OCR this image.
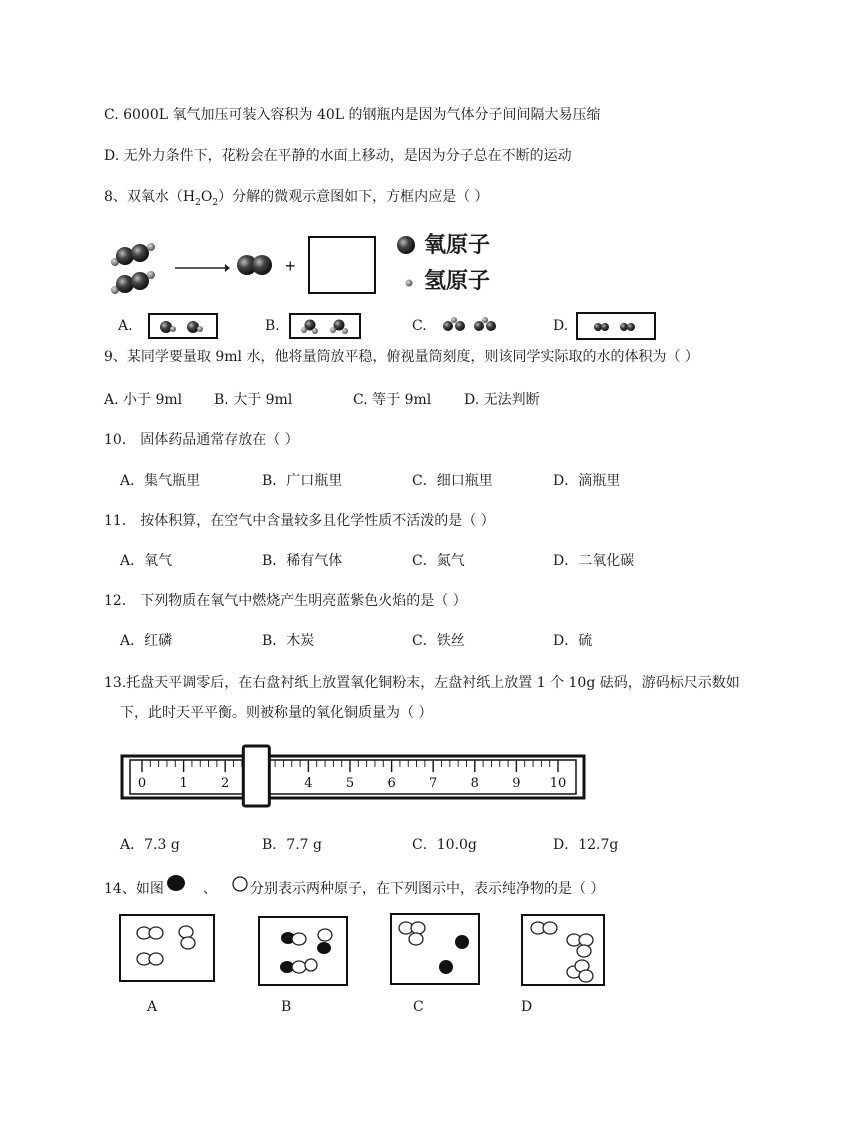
C. 6000L 氧气加压可装入容积为 40L 的钢瓶内是因为气体分子间间隔大易压缩
D. 无外力条件下，花粉会在平静的水面上移动，是因为分子总在不断的运动
8、双氧水$(H_2O_2)$分解的微观示意图如下，方框内应是（ ）
+
氧原子
氢原子
A.	B.	C.	D.
9、某同学要量取 9ml 水，他将量筒放平稳，俯视量筒刻度，则该同学实际取的水的体积为（ ）
A. 小于 9ml B. 大于 9ml	C. 等于 9ml D. 无法判断
10． 固体药品通常存放在（ ）
A．集气瓶里	B．广口瓶里	C．细口瓶里	D．滴瓶里
11． 按体积算，在空气中含量较多且化学性质不活泼的是（ ）
A．氧气	B．稀有气体	C．氮气	D．二氧化碳
12． 下列物质在氧气中燃烧产生明亮蓝紫色火焰的是（ ）
A．红磷	B．木炭	C．铁丝	D．硫
13.托盘天平调零后，在右盘衬纸上放置氧化铜粉末，左盘衬纸上放置 1 个 10g 砝码，游码标尺示数如
下，此时天平平衡。则被称量的氧化铜质量为（ ）
0	1	2	4	5	6	7	8	9 10
A．7.3 g	B．7.7 g	C．10.0g	D．12.7g
14、如图	、 分别表示两种原子，在下列图示中，表示纯净物的是（ ）
A	B	C	D
